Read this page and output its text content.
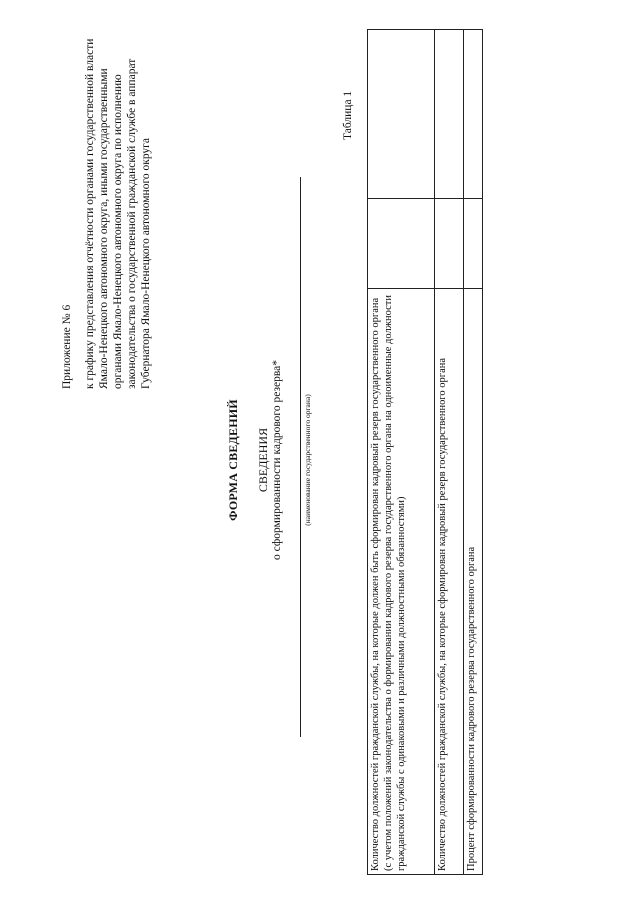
Приложение № 6 к графику представления отчётности органами государственной власти Ямало-Ненецкого автономного округа, иными государственными органами Ямало-Ненецкого автономного округа по исполнению законодательства о государственной гражданской службе в аппарат Губернатора Ямало-Ненецкого автономного округа
ФОРМА СВЕДЕНИЙ СВЕДЕНИЯ о сформированности кадрового резерва*	(наименование государственного органа)
Таблица 1
Количество должностей гражданской службы, на которые должен быть сформирован кадровый резерв государственного органа (с учетом положений законодательства о формировании кадрового резерва государственного органа на одноименные должности гражданской службы с одинаковыми и различными должностными обязанностями)		
Количество должностей гражданской службы, на которые сформирован кадровый резерв государственного органа		
Процент сформированности кадрового резерва государственного органа		
